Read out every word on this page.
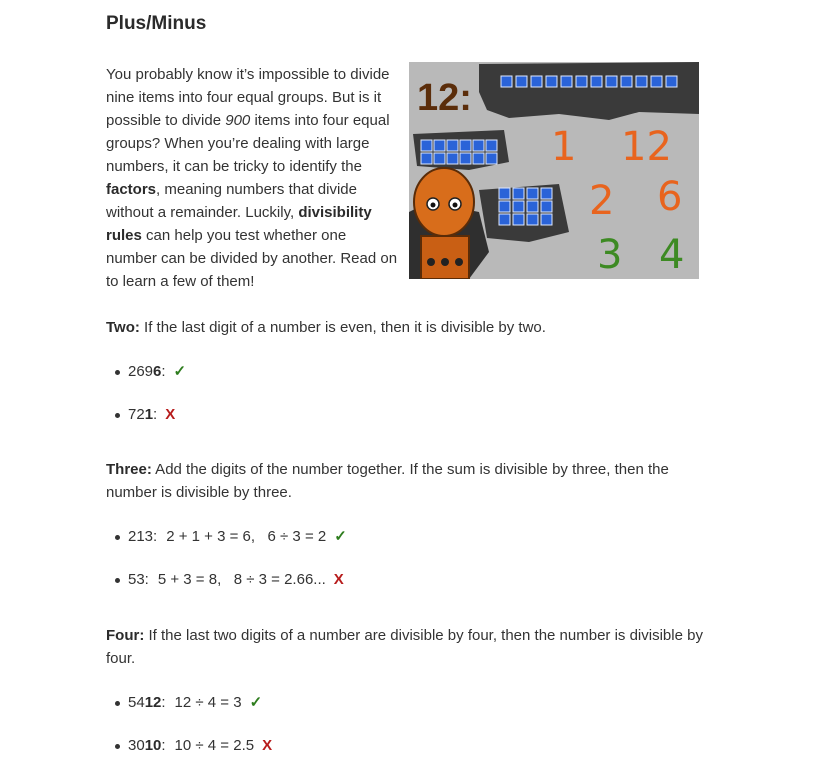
Plus/Minus

You probably know it’s impossible to divide nine items into four equal groups. But is it possible to divide 900 items into four equal groups? When you’re dealing with large numbers, it can be tricky to identify the factors, meaning numbers that divide without a remainder. Luckily, divisibility rules can help you test whether one number can be divided by another. Read on to learn a few of them!

12:
1 12
2 6
3 4

Two: If the last digit of a number is even, then it is divisible by two.

2696: ✓
721: X

Three: Add the digits of the number together. If the sum is divisible by three, then the number is divisible by three.

213: 2 + 1 + 3 = 6,   6 ÷ 3 = 2 ✓
53: 5 + 3 = 8,   8 ÷ 3 = 2.66... X

Four: If the last two digits of a number are divisible by four, then the number is divisible by four.

5412: 12 ÷ 4 = 3 ✓
3010: 10 ÷ 4 = 2.5 X
